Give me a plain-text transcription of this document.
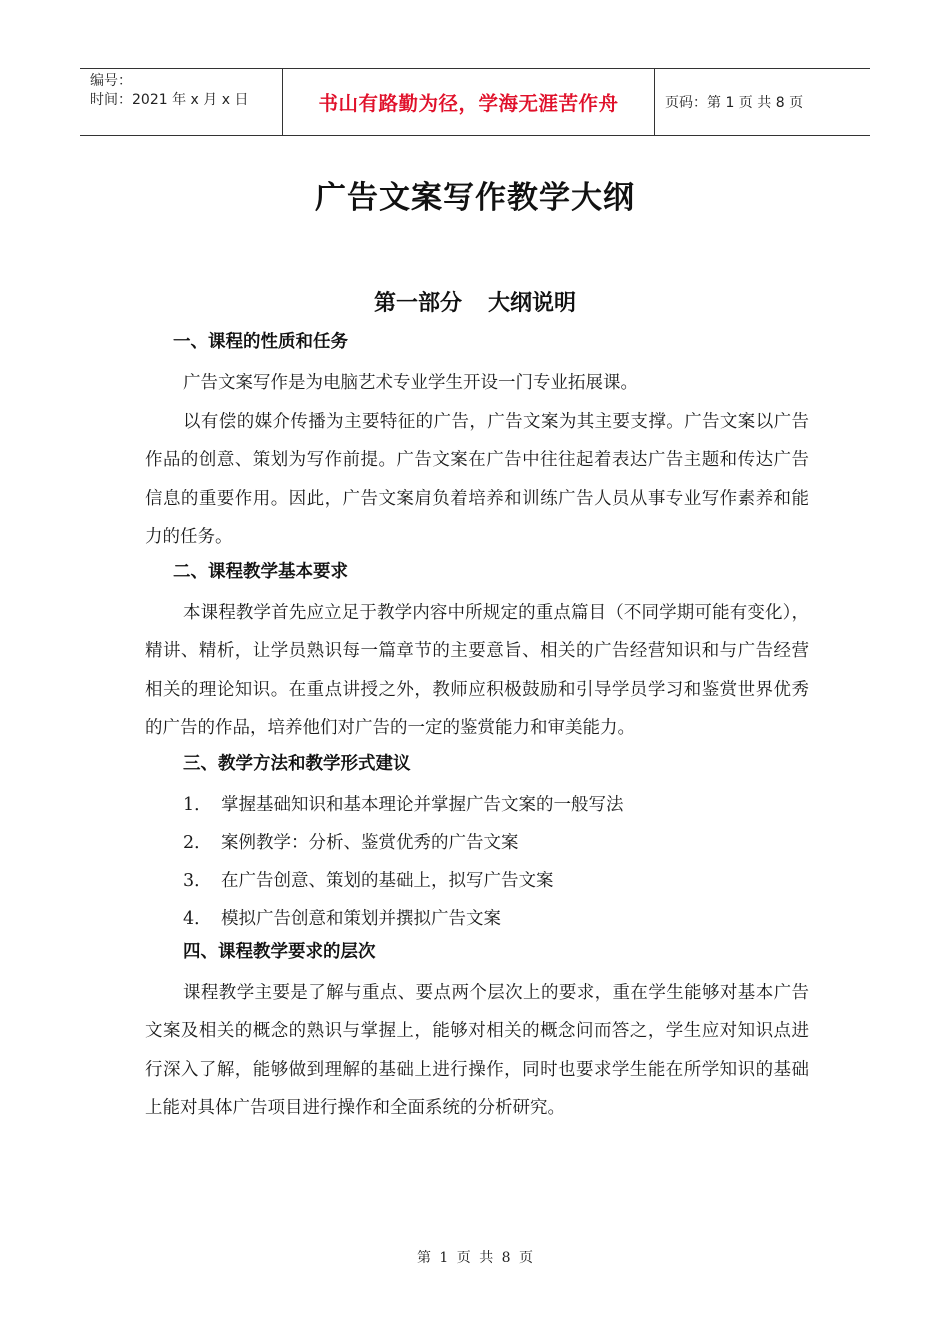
编号：
时间：2021 年 x 月 x 日	书山有路勤为径，学海无涯苦作舟	页码：第 1 页 共 8 页
广告文案写作教学大纲
第一部分 大纲说明

一、课程的性质和任务

广告文案写作是为电脑艺术专业学生开设一门专业拓展课。

以有偿的媒介传播为主要特征的广告，广告文案为其主要支撑。广告文案以广告作品的创意、策划为写作前提。广告文案在广告中往往起着表达广告主题和传达广告信息的重要作用。因此，广告文案肩负着培养和训练广告人员从事专业写作素养和能力的任务。

二、课程教学基本要求

本课程教学首先应立足于教学内容中所规定的重点篇目（不同学期可能有变化），精讲、精析，让学员熟识每一篇章节的主要意旨、相关的广告经营知识和与广告经营相关的理论知识。在重点讲授之外，教师应积极鼓励和引导学员学习和鉴赏世界优秀的广告的作品，培养他们对广告的一定的鉴赏能力和审美能力。

三、教学方法和教学形式建议

1． 掌握基础知识和基本理论并掌握广告文案的一般写法
2． 案例教学：分析、鉴赏优秀的广告文案
3． 在广告创意、策划的基础上，拟写广告文案
4． 模拟广告创意和策划并撰拟广告文案

四、课程教学要求的层次

课程教学主要是了解与重点、要点两个层次上的要求，重在学生能够对基本广告文案及相关的概念的熟识与掌握上，能够对相关的概念问而答之，学生应对知识点进行深入了解，能够做到理解的基础上进行操作，同时也要求学生能在所学知识的基础上能对具体广告项目进行操作和全面系统的分析研究。

第 1 页 共 8 页
